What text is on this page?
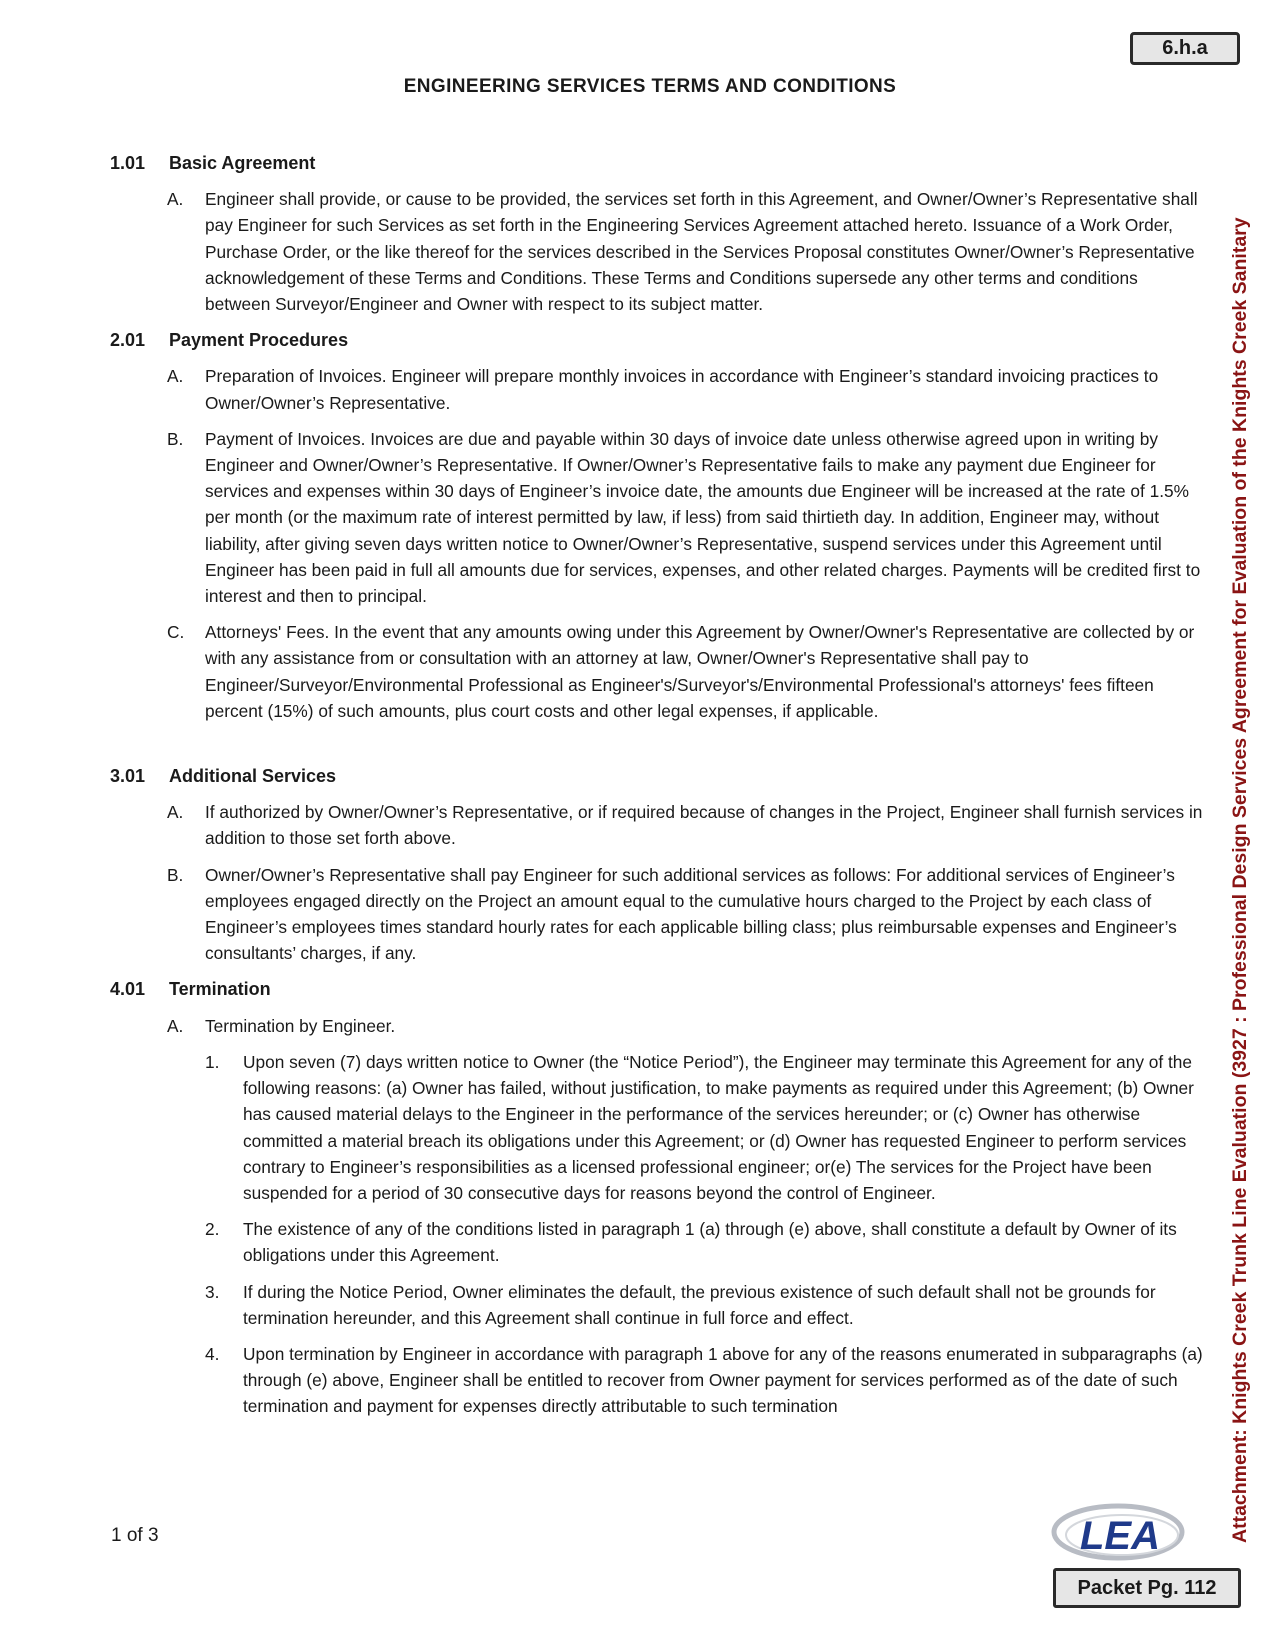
6.h.a
ENGINEERING SERVICES TERMS AND CONDITIONS
1.01	Basic Agreement
A.	Engineer shall provide, or cause to be provided, the services set forth in this Agreement, and Owner/Owner’s Representative shall pay Engineer for such Services as set forth in the Engineering Services Agreement attached hereto. Issuance of a Work Order, Purchase Order, or the like thereof for the services described in the Services Proposal constitutes Owner/Owner’s Representative acknowledgement of these Terms and Conditions. These Terms and Conditions supersede any other terms and conditions between Surveyor/Engineer and Owner with respect to its subject matter.
2.01	Payment Procedures
A.	Preparation of Invoices. Engineer will prepare monthly invoices in accordance with Engineer’s standard invoicing practices to Owner/Owner’s Representative.
B.	Payment of Invoices. Invoices are due and payable within 30 days of invoice date unless otherwise agreed upon in writing by Engineer and Owner/Owner’s Representative. If Owner/Owner’s Representative fails to make any payment due Engineer for services and expenses within 30 days of Engineer’s invoice date, the amounts due Engineer will be increased at the rate of 1.5% per month (or the maximum rate of interest permitted by law, if less) from said thirtieth day. In addition, Engineer may, without liability, after giving seven days written notice to Owner/Owner’s Representative, suspend services under this Agreement until Engineer has been paid in full all amounts due for services, expenses, and other related charges. Payments will be credited first to interest and then to principal.
C.	Attorneys' Fees. In the event that any amounts owing under this Agreement by Owner/Owner's Representative are collected by or with any assistance from or consultation with an attorney at law, Owner/Owner's Representative shall pay to Engineer/Surveyor/Environmental Professional as Engineer's/Surveyor's/Environmental Professional's attorneys' fees fifteen percent (15%) of such amounts, plus court costs and other legal expenses, if applicable.
3.01	Additional Services
A.	If authorized by Owner/Owner’s Representative, or if required because of changes in the Project, Engineer shall furnish services in addition to those set forth above.
B.	Owner/Owner’s Representative shall pay Engineer for such additional services as follows: For additional services of Engineer’s employees engaged directly on the Project an amount equal to the cumulative hours charged to the Project by each class of Engineer’s employees times standard hourly rates for each applicable billing class; plus reimbursable expenses and Engineer’s consultants’ charges, if any.
4.01	Termination
A.	Termination by Engineer.
1.	Upon seven (7) days written notice to Owner (the “Notice Period”), the Engineer may terminate this Agreement for any of the following reasons: (a) Owner has failed, without justification, to make payments as required under this Agreement; (b) Owner has caused material delays to the Engineer in the performance of the services hereunder; or (c) Owner has otherwise committed a material breach its obligations under this Agreement; or (d) Owner has requested Engineer to perform services contrary to Engineer’s responsibilities as a licensed professional engineer; or(e) The services for the Project have been suspended for a period of 30 consecutive days for reasons beyond the control of Engineer.
2.	The existence of any of the conditions listed in paragraph 1 (a) through (e) above, shall constitute a default by Owner of its obligations under this Agreement.
3.	If during the Notice Period, Owner eliminates the default, the previous existence of such default shall not be grounds for termination hereunder, and this Agreement shall continue in full force and effect.
4.	Upon termination by Engineer in accordance with paragraph 1 above for any of the reasons enumerated in subparagraphs (a) through (e) above, Engineer shall be entitled to recover from Owner payment for services performed as of the date of such termination and payment for expenses directly attributable to such termination
1 of 3	Attachment: Knights Creek Trunk Line Evaluation (3927 : Professional Design Services Agreement for Evaluation of the Knights Creek Sanitary
LEA
Packet Pg. 112
